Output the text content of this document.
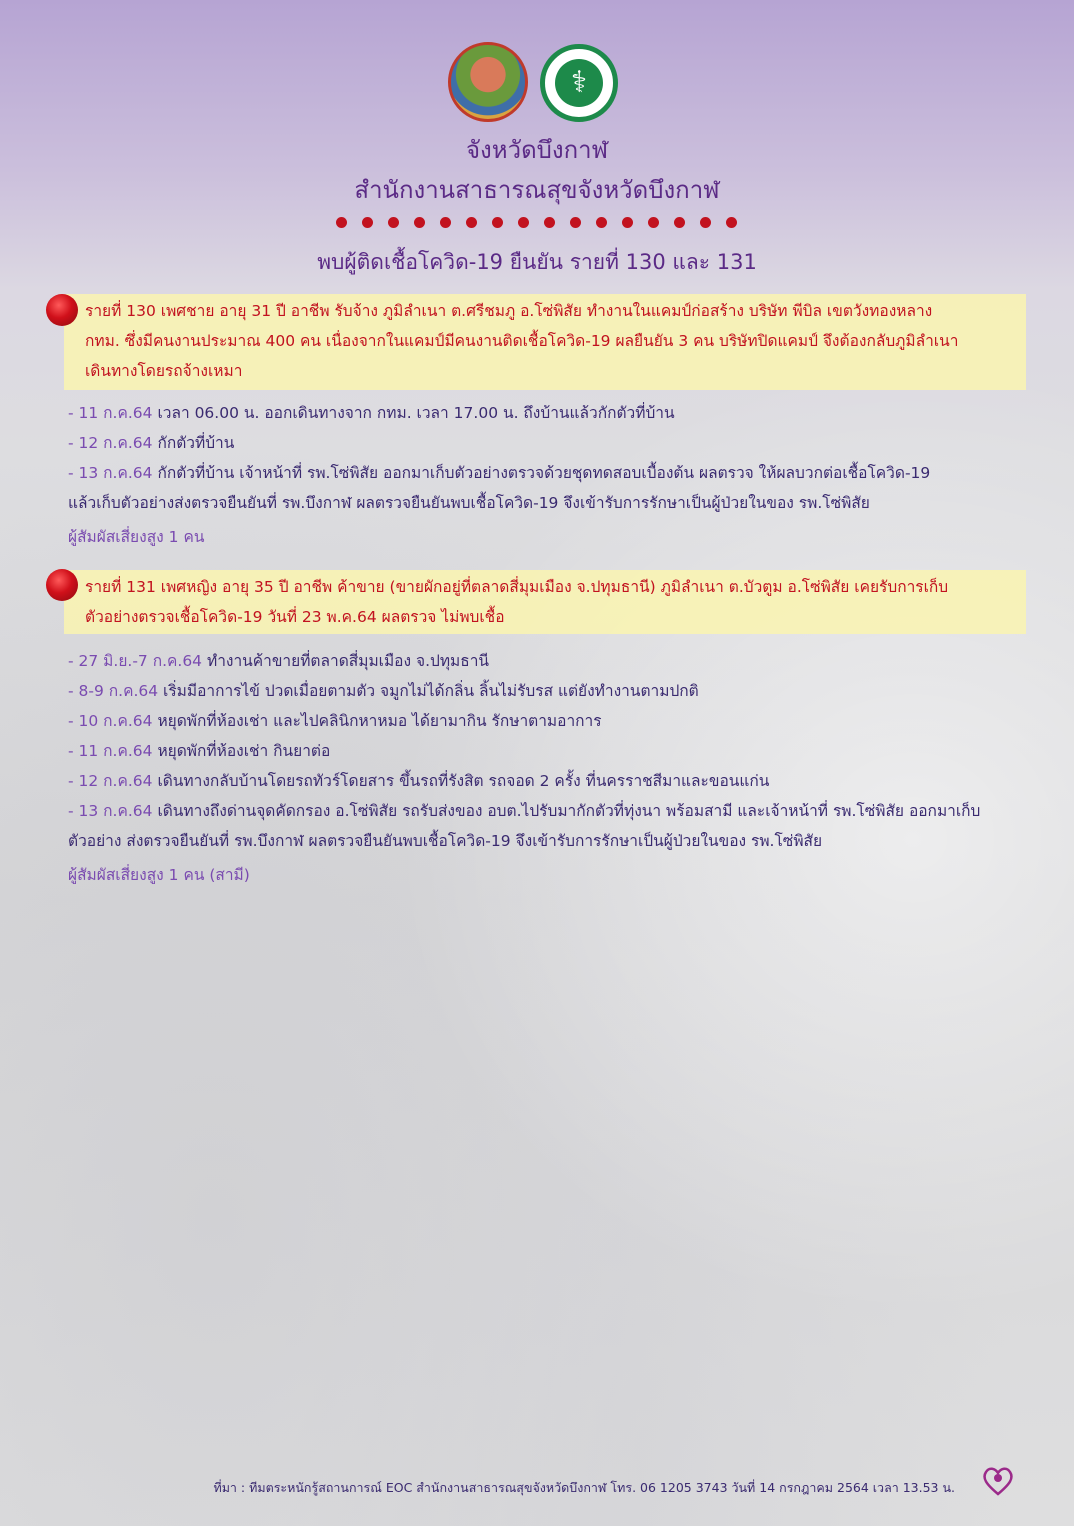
⚕
จังหวัดบึงกาฬ
สำนักงานสาธารณสุขจังหวัดบึงกาฬ
พบผู้ติดเชื้อโควิด-19 ยืนยัน รายที่ 130 และ 131
รายที่ 130 เพศชาย อายุ 31 ปี อาชีพ รับจ้าง ภูมิลำเนา ต.ศรีชมภู อ.โซ่พิสัย ทำงานในแคมป์ก่อสร้าง บริษัท พีบิล เขตวังทองหลาง
กทม. ซึ่งมีคนงานประมาณ 400 คน เนื่องจากในแคมป์มีคนงานติดเชื้อโควิด-19 ผลยืนยัน 3 คน บริษัทปิดแคมป์ จึงต้องกลับภูมิลำเนา
เดินทางโดยรถจ้างเหมา
- 11 ก.ค.64 เวลา 06.00 น. ออกเดินทางจาก กทม. เวลา 17.00 น. ถึงบ้านแล้วกักตัวที่บ้าน
- 12 ก.ค.64 กักตัวที่บ้าน
- 13 ก.ค.64 กักตัวที่บ้าน เจ้าหน้าที่ รพ.โซ่พิสัย ออกมาเก็บตัวอย่างตรวจด้วยชุดทดสอบเบื้องต้น ผลตรวจ ให้ผลบวกต่อเชื้อโควิด-19
แล้วเก็บตัวอย่างส่งตรวจยืนยันที่ รพ.บึงกาฬ ผลตรวจยืนยันพบเชื้อโควิด-19 จึงเข้ารับการรักษาเป็นผู้ป่วยในของ รพ.โซ่พิสัย
ผู้สัมผัสเสี่ยงสูง 1 คน
รายที่ 131 เพศหญิง อายุ 35 ปี อาชีพ ค้าขาย (ขายผักอยู่ที่ตลาดสี่มุมเมือง จ.ปทุมธานี) ภูมิลำเนา ต.บัวตูม อ.โซ่พิสัย เคยรับการเก็บ
ตัวอย่างตรวจเชื้อโควิด-19 วันที่ 23 พ.ค.64 ผลตรวจ ไม่พบเชื้อ
- 27 มิ.ย.-7 ก.ค.64 ทำงานค้าขายที่ตลาดสี่มุมเมือง จ.ปทุมธานี
- 8-9 ก.ค.64 เริ่มมีอาการไข้ ปวดเมื่อยตามตัว จมูกไม่ได้กลิ่น ลิ้นไม่รับรส แต่ยังทำงานตามปกติ
- 10 ก.ค.64 หยุดพักที่ห้องเช่า และไปคลินิกหาหมอ ได้ยามากิน รักษาตามอาการ
- 11 ก.ค.64 หยุดพักที่ห้องเช่า กินยาต่อ
- 12 ก.ค.64 เดินทางกลับบ้านโดยรถทัวร์โดยสาร ขึ้นรถที่รังสิต รถจอด 2 ครั้ง ที่นครราชสีมาและขอนแก่น
- 13 ก.ค.64 เดินทางถึงด่านจุดคัดกรอง อ.โซ่พิสัย รถรับส่งของ อบต.ไปรับมากักตัวที่ทุ่งนา พร้อมสามี และเจ้าหน้าที่ รพ.โซ่พิสัย ออกมาเก็บ
ตัวอย่าง ส่งตรวจยืนยันที่ รพ.บึงกาฬ ผลตรวจยืนยันพบเชื้อโควิด-19 จึงเข้ารับการรักษาเป็นผู้ป่วยในของ รพ.โซ่พิสัย
ผู้สัมผัสเสี่ยงสูง 1 คน (สามี)
ที่มา : ทีมตระหนักรู้สถานการณ์ EOC สำนักงานสาธารณสุขจังหวัดบึงกาฬ โทร. 06 1205 3743 วันที่ 14 กรกฎาคม 2564 เวลา 13.53 น.
